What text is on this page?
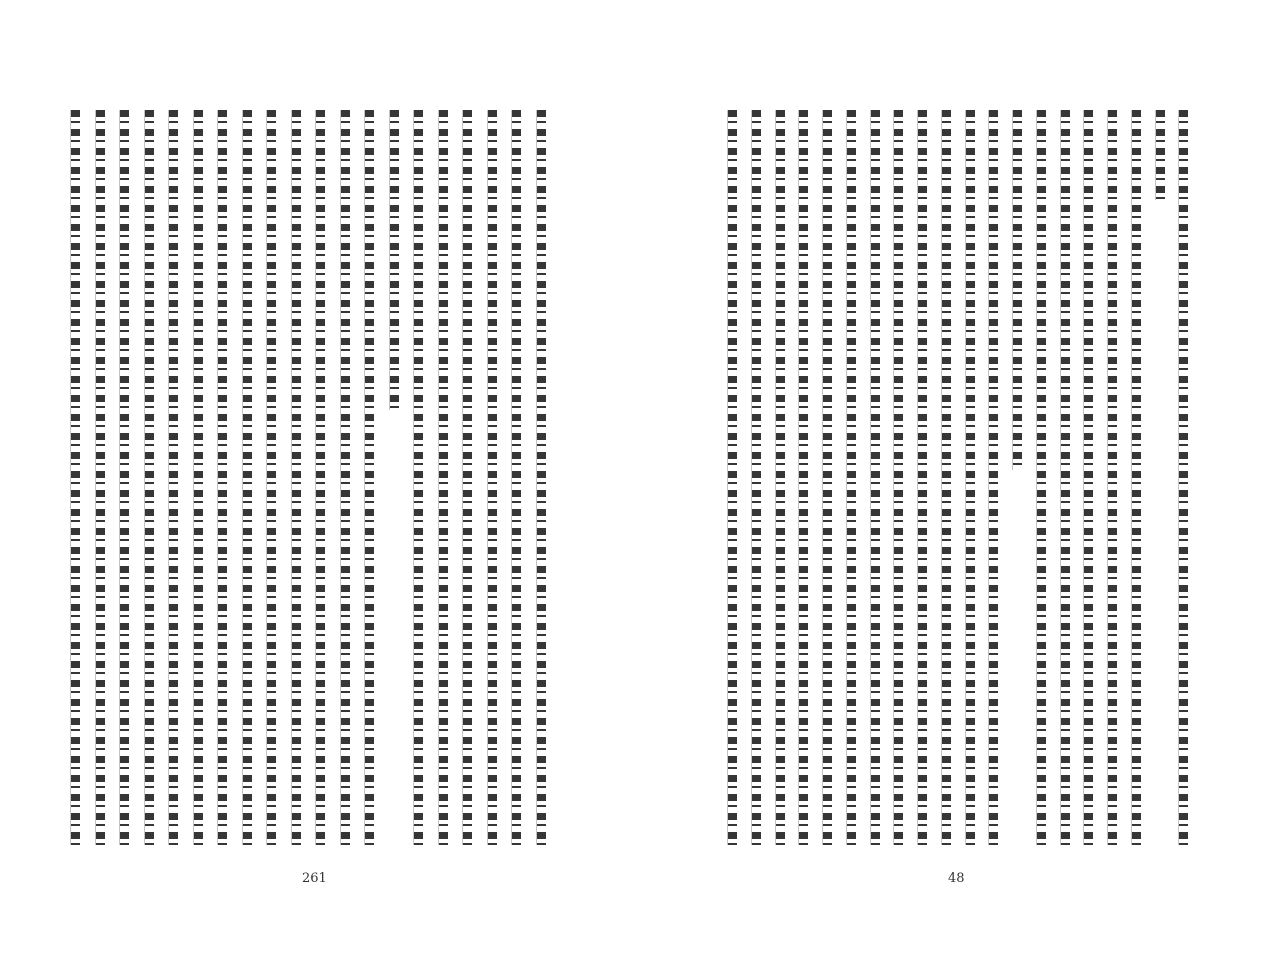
261	48
